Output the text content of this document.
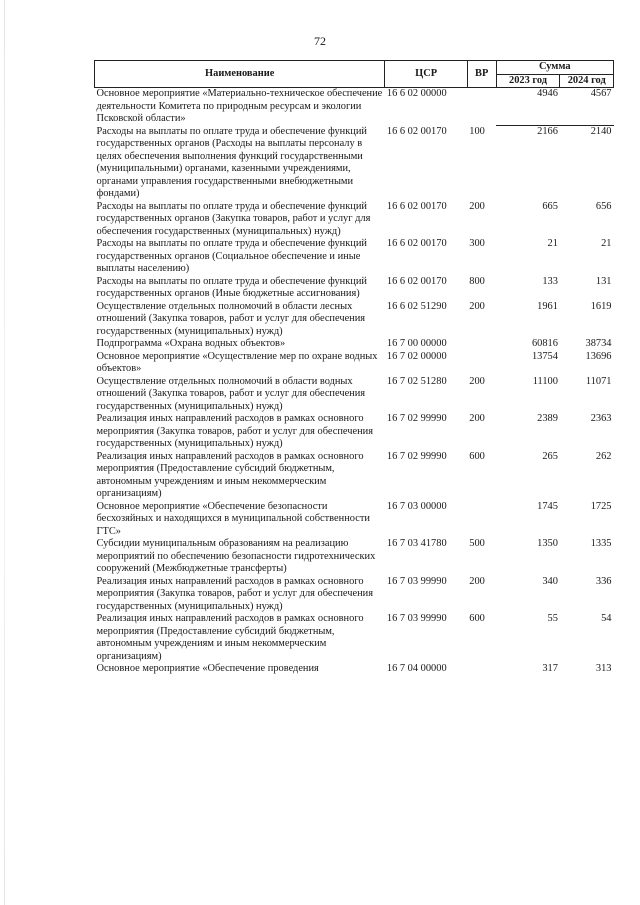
72
Наименование	ЦСР	ВР	Сумма	
			2023 год	2024 год
Основное мероприятие «Материально-техническое обеспечение деятельности Комитета по природным ресурсам и экологии Псковской области»	16 6 02 00000		4946	4567
Расходы на выплаты по оплате труда и обеспечение функций государственных органов (Расходы на выплаты персоналу в целях обеспечения выполнения функций государственными (муниципальными) органами, казенными учреждениями, органами управления государственными внебюджетными фондами)	16 6 02 00170	100	2166	2140
Расходы на выплаты по оплате труда и обеспечение функций государственных органов (Закупка товаров, работ и услуг для обеспечения государственных (муниципальных) нужд)	16 6 02 00170	200	665	656
Расходы на выплаты по оплате труда и обеспечение функций государственных органов (Социальное обеспечение и иные выплаты населению)	16 6 02 00170	300	21	21
Расходы на выплаты по оплате труда и обеспечение функций государственных органов (Иные бюджетные ассигнования)	16 6 02 00170	800	133	131
Осуществление отдельных полномочий в области лесных отношений (Закупка товаров, работ и услуг для обеспечения государственных (муниципальных) нужд)	16 6 02 51290	200	1961	1619
Подпрограмма «Охрана водных объектов»	16 7 00 00000		60816	38734
Основное мероприятие «Осуществление мер по охране водных объектов»	16 7 02 00000		13754	13696
Осуществление отдельных полномочий в области водных отношений (Закупка товаров, работ и услуг для обеспечения государственных (муниципальных) нужд)	16 7 02 51280	200	11100	11071
Реализация иных направлений расходов в рамках основного мероприятия (Закупка товаров, работ и услуг для обеспечения государственных (муниципальных) нужд)	16 7 02 99990	200	2389	2363
Реализация иных направлений расходов в рамках основного мероприятия (Предоставление субсидий бюджетным, автономным учреждениям и иным некоммерческим организациям)	16 7 02 99990	600	265	262
Основное мероприятие «Обеспечение безопасности бесхозяйных и находящихся в муниципальной собственности ГТС»	16 7 03 00000		1745	1725
Субсидии муниципальным образованиям на реализацию мероприятий по обеспечению безопасности гидротехнических сооружений (Межбюджетные трансферты)	16 7 03 41780	500	1350	1335
Реализация иных направлений расходов в рамках основного мероприятия (Закупка товаров, работ и услуг для обеспечения государственных (муниципальных) нужд)	16 7 03 99990	200	340	336
Реализация иных направлений расходов в рамках основного мероприятия (Предоставление субсидий бюджетным, автономным учреждениям и иным некоммерческим организациям)	16 7 03 99990	600	55	54
Основное мероприятие «Обеспечение проведения	16 7 04 00000		317	313
